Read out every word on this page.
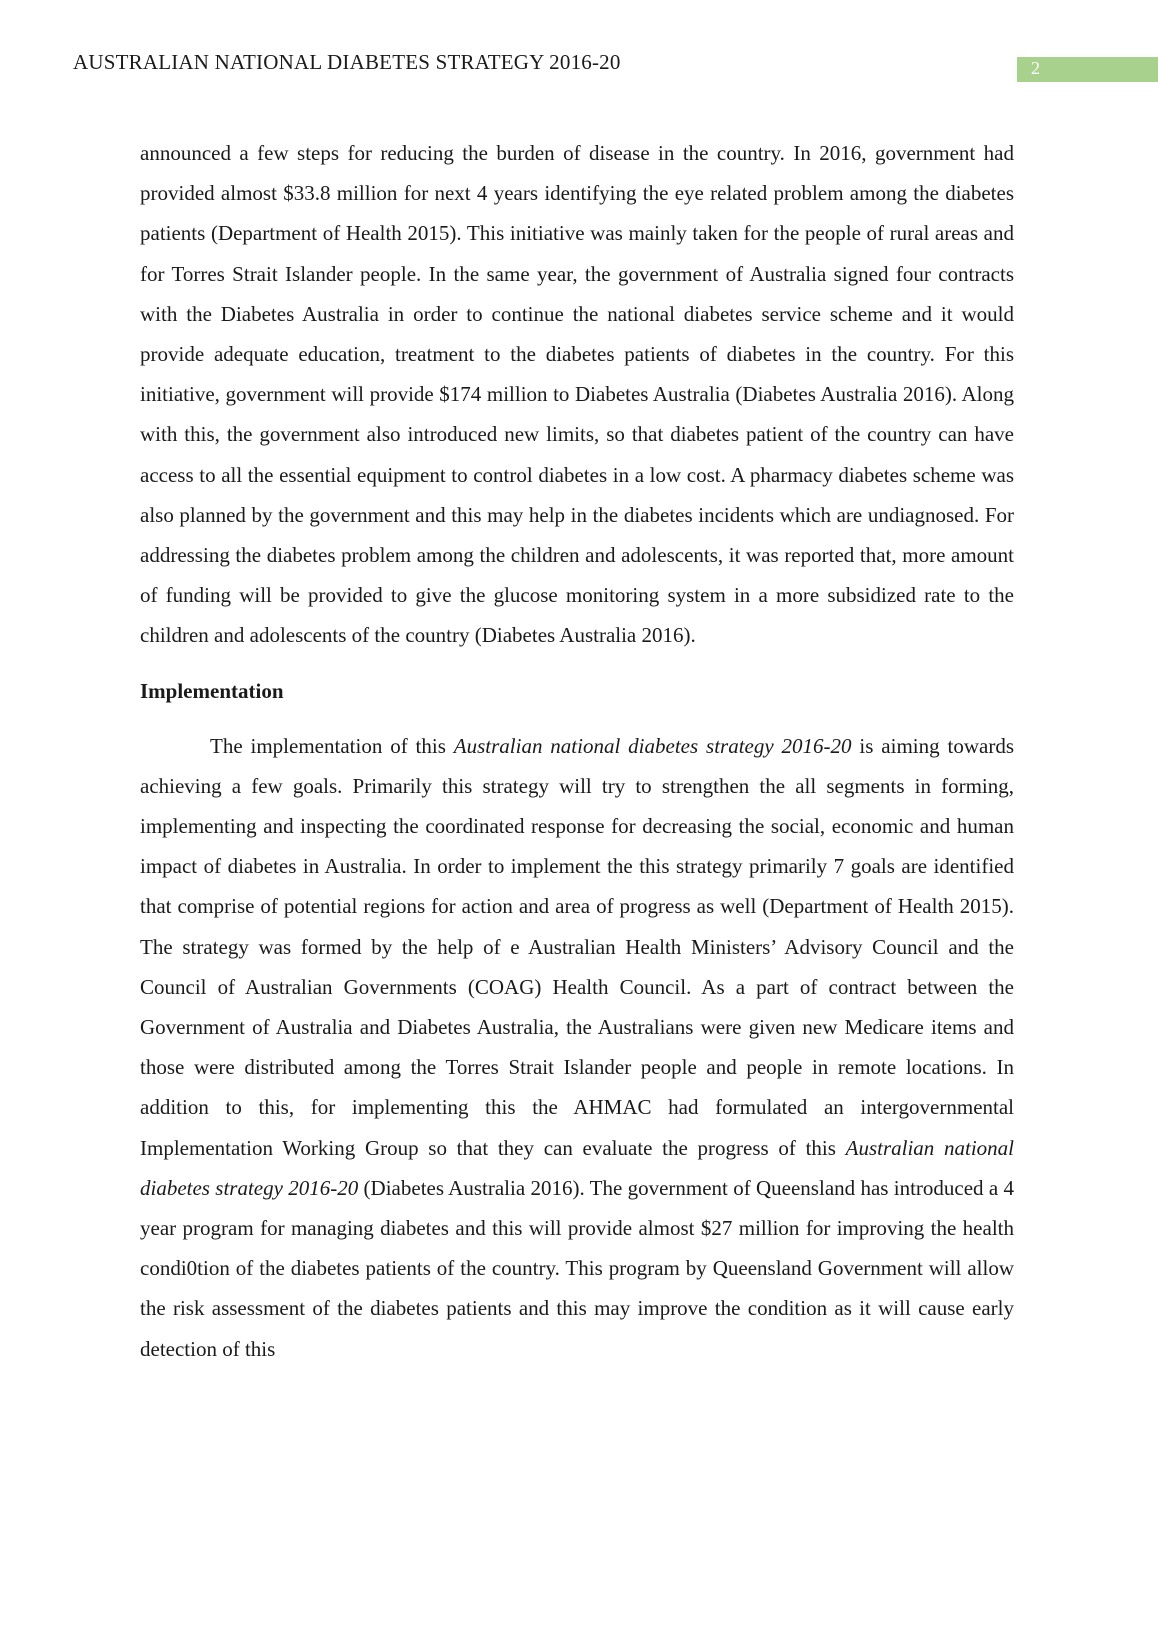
AUSTRALIAN NATIONAL DIABETES STRATEGY 2016-20	2

announced a few steps for reducing the burden of disease in the country. In 2016, government had provided almost $33.8 million for next 4 years identifying the eye related problem among the diabetes patients (Department of Health 2015). This initiative was mainly taken for the people of rural areas and for Torres Strait Islander people. In the same year, the government of Australia signed four contracts with the Diabetes Australia in order to continue the national diabetes service scheme and it would provide adequate education, treatment to the diabetes patients of diabetes in the country. For this initiative, government will provide $174 million to Diabetes Australia (Diabetes Australia 2016). Along with this, the government also introduced new limits, so that diabetes patient of the country can have access to all the essential equipment to control diabetes in a low cost. A pharmacy diabetes scheme was also planned by the government and this may help in the diabetes incidents which are undiagnosed. For addressing the diabetes problem among the children and adolescents, it was reported that, more amount of funding will be provided to give the glucose monitoring system in a more subsidized rate to the children and adolescents of the country (Diabetes Australia 2016).

Implementation

The implementation of this Australian national diabetes strategy 2016-20 is aiming towards achieving a few goals. Primarily this strategy will try to strengthen the all segments in forming, implementing and inspecting the coordinated response for decreasing the social, economic and human impact of diabetes in Australia. In order to implement the this strategy primarily 7 goals are identified that comprise of potential regions for action and area of progress as well (Department of Health 2015). The strategy was formed by the help of e Australian Health Ministers’ Advisory Council and the Council of Australian Governments (COAG) Health Council. As a part of contract between the Government of Australia and Diabetes Australia, the Australians were given new Medicare items and those were distributed among the Torres Strait Islander people and people in remote locations. In addition to this, for implementing this the AHMAC had formulated an intergovernmental Implementation Working Group so that they can evaluate the progress of this Australian national diabetes strategy 2016-20 (Diabetes Australia 2016). The government of Queensland has introduced a 4 year program for managing diabetes and this will provide almost $27 million for improving the health condi0tion of the diabetes patients of the country. This program by Queensland Government will allow the risk assessment of the diabetes patients and this may improve the condition as it will cause early detection of this
